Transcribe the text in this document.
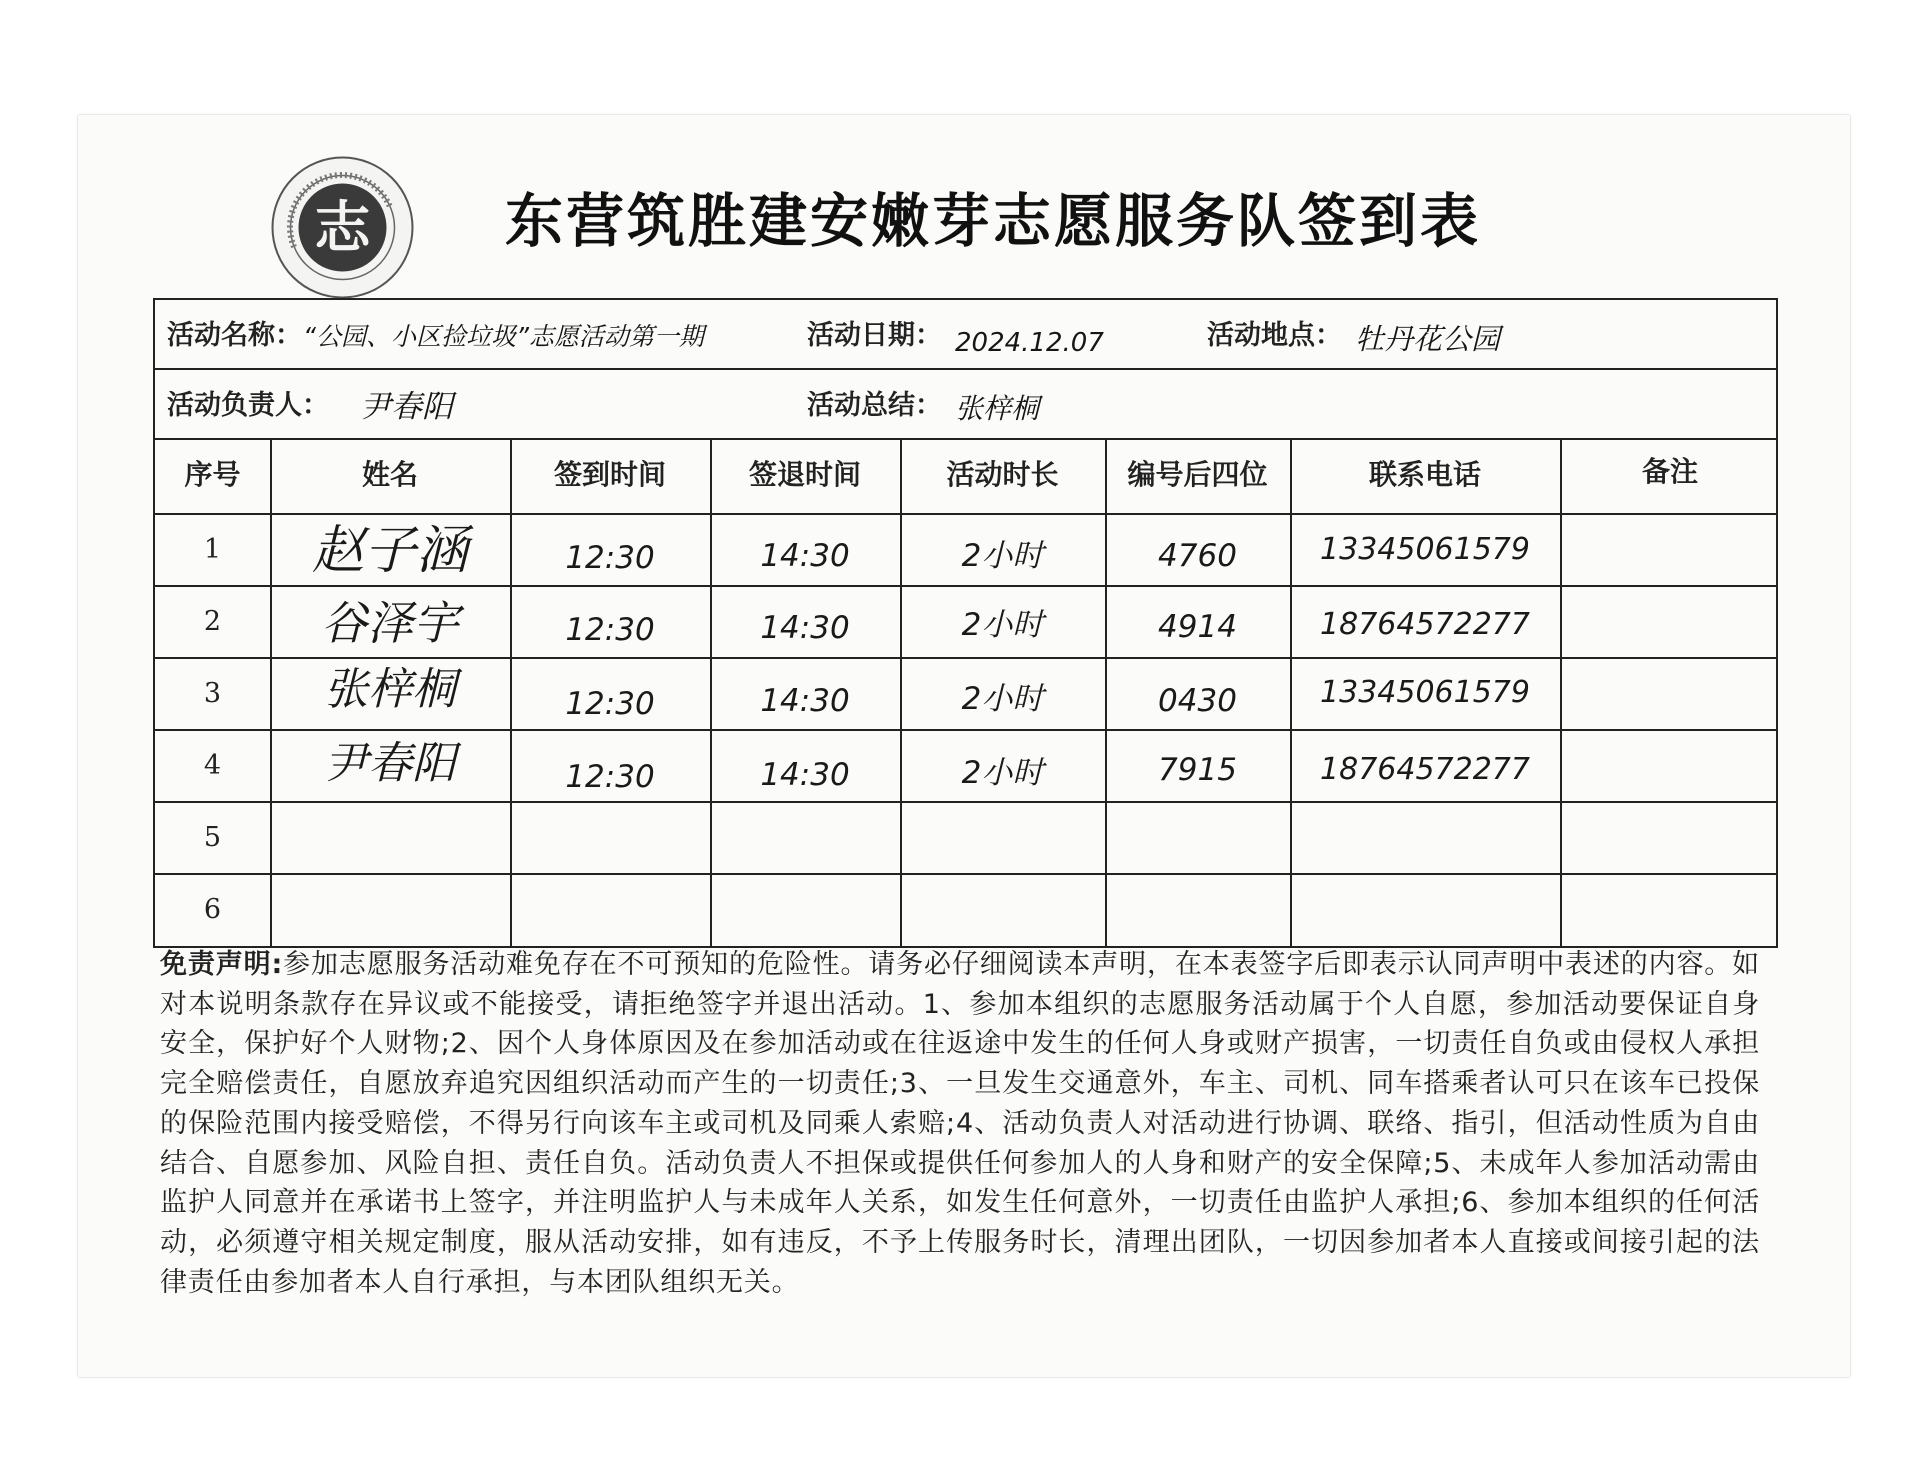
志 东营筑胜建安嫩芽志愿服务队签到表
活动名称： “公园、小区捡垃圾”志愿活动第一期	活动日期： 2024.12.07	活动地点： 牡丹花公园
活动负责人： 尹春阳	活动总结： 张梓桐
序号	姓名	签到时间	签退时间	活动时长	编号后四位	联系电话	备注
1	赵子涵	12:30	14:30	2小时	4760	13345061579
2	谷泽宇	12:30	14:30	2小时	4914	18764572277
3	张梓桐	12:30	14:30	2小时	0430	13345061579
4	尹春阳	12:30	14:30	2小时	7915	18764572277
5
6
免责声明:参加志愿服务活动难免存在不可预知的危险性。请务必仔细阅读本声明，在本表签字后即表示认同声明中表述的内容。如对本说明条款存在异议或不能接受，请拒绝签字并退出活动。1、参加本组织的志愿服务活动属于个人自愿，参加活动要保证自身安全，保护好个人财物;2、因个人身体原因及在参加活动或在往返途中发生的任何人身或财产损害，一切责任自负或由侵权人承担完全赔偿责任，自愿放弃追究因组织活动而产生的一切责任;3、一旦发生交通意外，车主、司机、同车搭乘者认可只在该车已投保的保险范围内接受赔偿，不得另行向该车主或司机及同乘人索赔;4、活动负责人对活动进行协调、联络、指引，但活动性质为自由结合、自愿参加、风险自担、责任自负。活动负责人不担保或提供任何参加人的人身和财产的安全保障;5、未成年人参加活动需由监护人同意并在承诺书上签字，并注明监护人与未成年人关系，如发生任何意外，一切责任由监护人承担;6、参加本组织的任何活动，必须遵守相关规定制度，服从活动安排，如有违反，不予上传服务时长，清理出团队，一切因参加者本人直接或间接引起的法律责任由参加者本人自行承担，与本团队组织无关。
